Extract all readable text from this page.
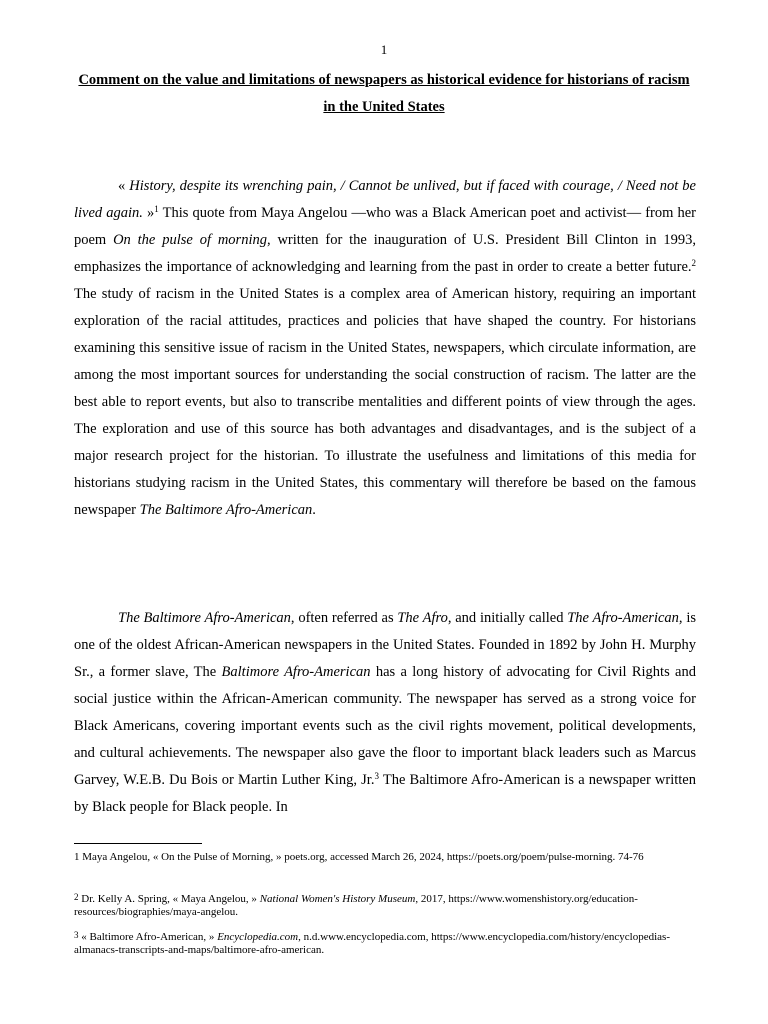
1
Comment on the value and limitations of newspapers as historical evidence for historians of racism in the United States
« History, despite its wrenching pain, / Cannot be unlived, but if faced with courage, / Need not be lived again. »$^1$ This quote from Maya Angelou —who was a Black American poet and activist— from her poem On the pulse of morning, written for the inauguration of U.S. President Bill Clinton in 1993, emphasizes the importance of acknowledging and learning from the past in order to create a better future.$^2$ The study of racism in the United States is a complex area of American history, requiring an important exploration of the racial attitudes, practices and policies that have shaped the country. For historians examining this sensitive issue of racism in the United States, newspapers, which circulate information, are among the most important sources for understanding the social construction of racism. The latter are the best able to report events, but also to transcribe mentalities and different points of view through the ages. The exploration and use of this source has both advantages and disadvantages, and is the subject of a major research project for the historian. To illustrate the usefulness and limitations of this media for historians studying racism in the United States, this commentary will therefore be based on the famous newspaper The Baltimore Afro-American.
The Baltimore Afro-American, often referred as The Afro, and initially called The Afro-American, is one of the oldest African-American newspapers in the United States. Founded in 1892 by John H. Murphy Sr., a former slave, The Baltimore Afro-American has a long history of advocating for Civil Rights and social justice within the African-American community. The newspaper has served as a strong voice for Black Americans, covering important events such as the civil rights movement, political developments, and cultural achievements. The newspaper also gave the floor to important black leaders such as Marcus Garvey, W.E.B. Du Bois or Martin Luther King, Jr.$^3$ The Baltimore Afro-American is a newspaper written by Black people for Black people. In
1 Maya Angelou, « On the Pulse of Morning, » poets.org, accessed March 26, 2024, https://poets.org/poem/pulse-morning. 74-76
2 Dr. Kelly A. Spring, « Maya Angelou, » National Women's History Museum, 2017, https://www.womenshistory.org/education-resources/biographies/maya-angelou.
3 « Baltimore Afro-American, » Encyclopedia.com, n.d.www.encyclopedia.com, https://www.encyclopedia.com/history/encyclopedias-almanacs-transcripts-and-maps/baltimore-afro-american.
